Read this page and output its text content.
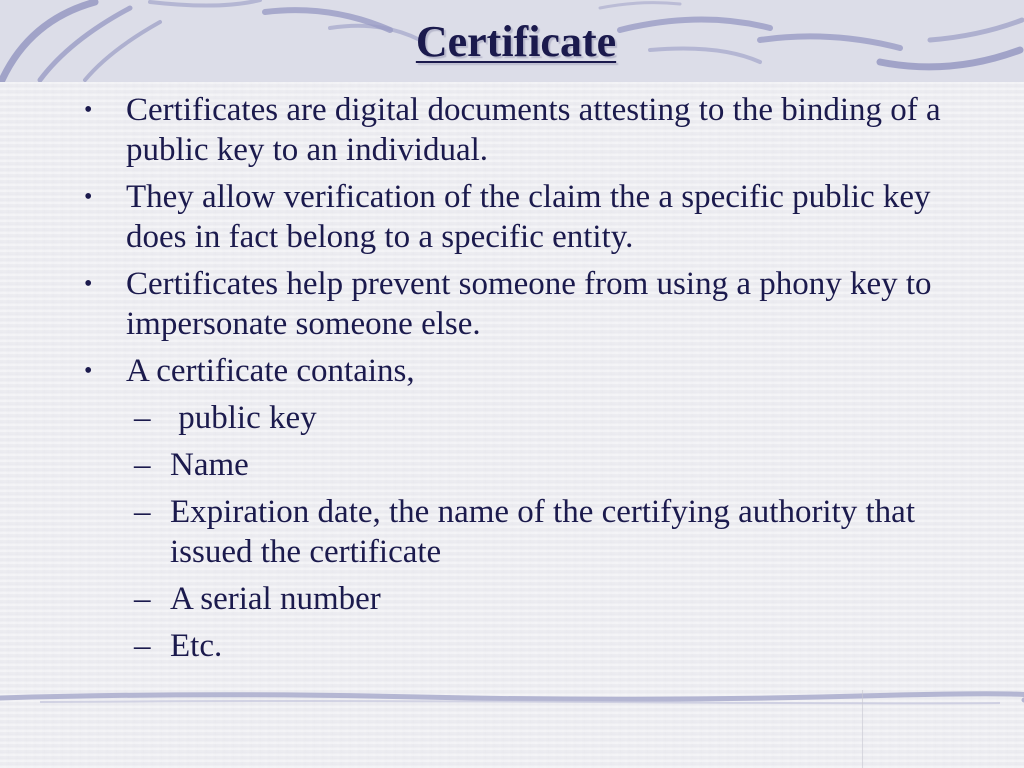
Certificate
•	Certificates are digital documents attesting to the binding of a public key to an individual.
•	They allow verification of the claim the a specific public key does in fact belong to a specific entity.
•	Certificates help prevent someone from using a phony key to impersonate someone else.
•	A certificate contains,
– public key
– Name
– Expiration date, the name of the certifying authority that issued the certificate
– A serial number
– Etc.
